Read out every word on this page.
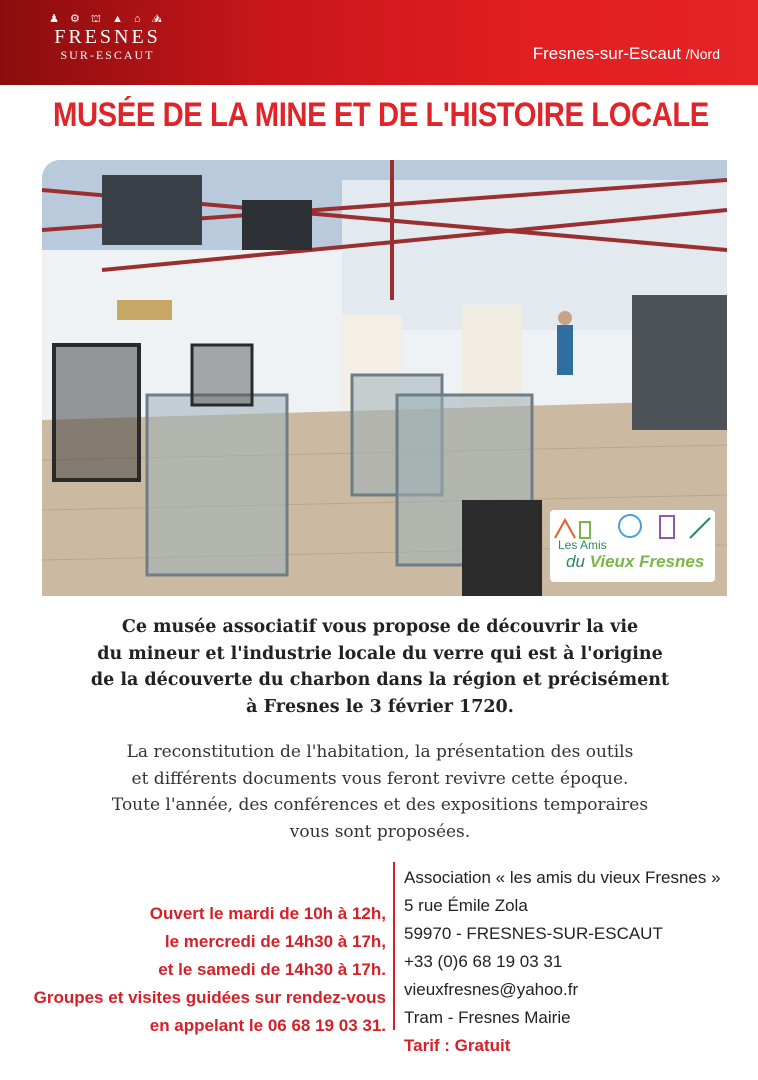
♟ ⚙ ⛫ ▲ ⌂ ⛰
FRESNES
SUR-ESCAUT	Fresnes-sur-Escaut /Nord
MUSÉE DE LA MINE ET DE L'HISTOIRE LOCALE
Les Amis
du Vieux Fresnes
Ce musée associatif vous propose de découvrir la vie
du mineur et l'industrie locale du verre qui est à l'origine
de la découverte du charbon dans la région et précisément
à Fresnes le 3 février 1720.
La reconstitution de l'habitation, la présentation des outils
et différents documents vous feront revivre cette époque.
Toute l'année, des conférences et des expositions temporaires
vous sont proposées.
Ouvert le mardi de 10h à 12h,
le mercredi de 14h30 à 17h,
et le samedi de 14h30 à 17h.
Groupes et visites guidées sur rendez-vous
en appelant le 06 68 19 03 31.
Association « les amis du vieux Fresnes »
5 rue Émile Zola
59970 - FRESNES-SUR-ESCAUT
+33 (0)6 68 19 03 31
vieuxfresnes@yahoo.fr
Tram - Fresnes Mairie
Tarif : Gratuit
